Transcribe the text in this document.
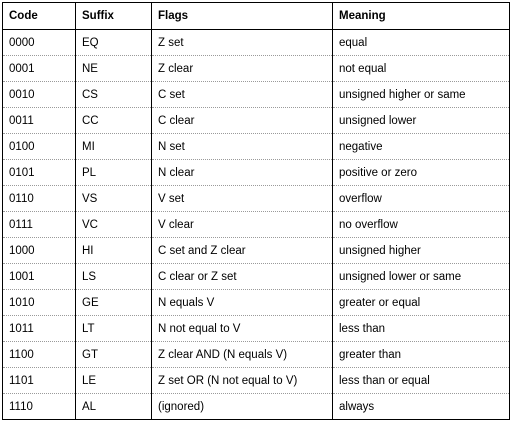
Code	Suffix	Flags	Meaning
0000	EQ	Z set	equal
0001	NE	Z clear	not equal
0010	CS	C set	unsigned higher or same
0011	CC	C clear	unsigned lower
0100	MI	N set	negative
0101	PL	N clear	positive or zero
0110	VS	V set	overflow
0111	VC	V clear	no overflow
1000	HI	C set and Z clear	unsigned higher
1001	LS	C clear or Z set	unsigned lower or same
1010	GE	N equals V	greater or equal
1011	LT	N not equal to V	less than
1100	GT	Z clear AND (N equals V)	greater than
1101	LE	Z set OR (N not equal to V)	less than or equal
1110	AL	(ignored)	always
